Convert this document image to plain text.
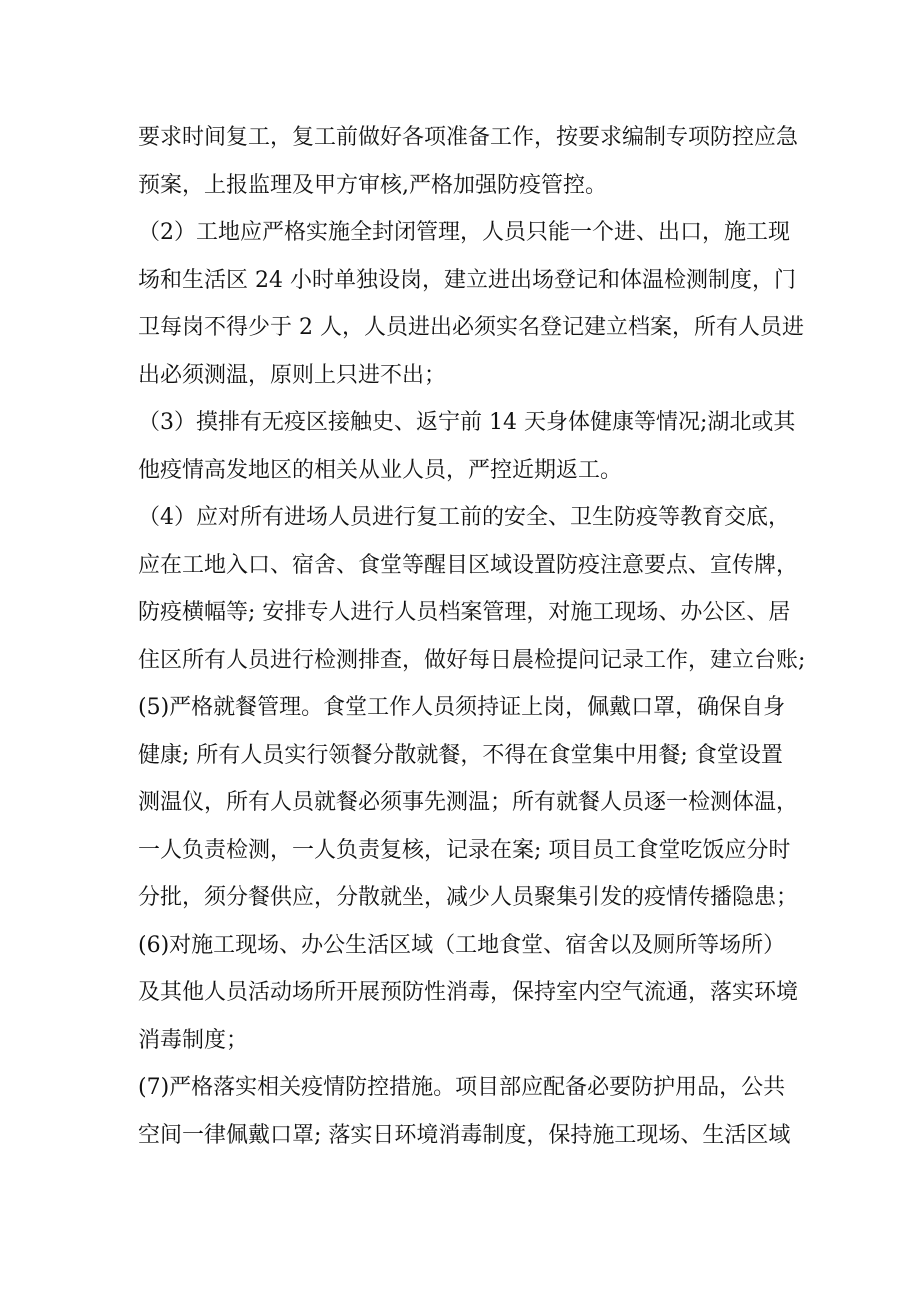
要求时间复工，复工前做好各项准备工作，按要求编制专项防控应急
预案，上报监理及甲方审核,严格加强防疫管控。
（2）工地应严格实施全封闭管理，人员只能一个进、出口，施工现
场和生活区 24 小时单独设岗，建立进出场登记和体温检测制度，门
卫每岗不得少于 2 人，人员进出必须实名登记建立档案，所有人员进
出必须测温，原则上只进不出；
（3）摸排有无疫区接触史、返宁前 14 天身体健康等情况;湖北或其
他疫情高发地区的相关从业人员，严控近期返工。
（4）应对所有进场人员进行复工前的安全、卫生防疫等教育交底，
应在工地入口、宿舍、食堂等醒目区域设置防疫注意要点、宣传牌，
防疫横幅等; 安排专人进行人员档案管理，对施工现场、办公区、居
住区所有人员进行检测排查，做好每日晨检提问记录工作，建立台账;
(5)严格就餐管理。食堂工作人员须持证上岗，佩戴口罩，确保自身
健康; 所有人员实行领餐分散就餐，不得在食堂集中用餐; 食堂设置
测温仪，所有人员就餐必须事先测温；所有就餐人员逐一检测体温，
一人负责检测，一人负责复核，记录在案; 项目员工食堂吃饭应分时
分批，须分餐供应，分散就坐，减少人员聚集引发的疫情传播隐患；
(6)对施工现场、办公生活区域（工地食堂、宿舍以及厕所等场所）
及其他人员活动场所开展预防性消毒，保持室内空气流通，落实环境
消毒制度；
(7)严格落实相关疫情防控措施。项目部应配备必要防护用品，公共
空间一律佩戴口罩; 落实日环境消毒制度，保持施工现场、生活区域
